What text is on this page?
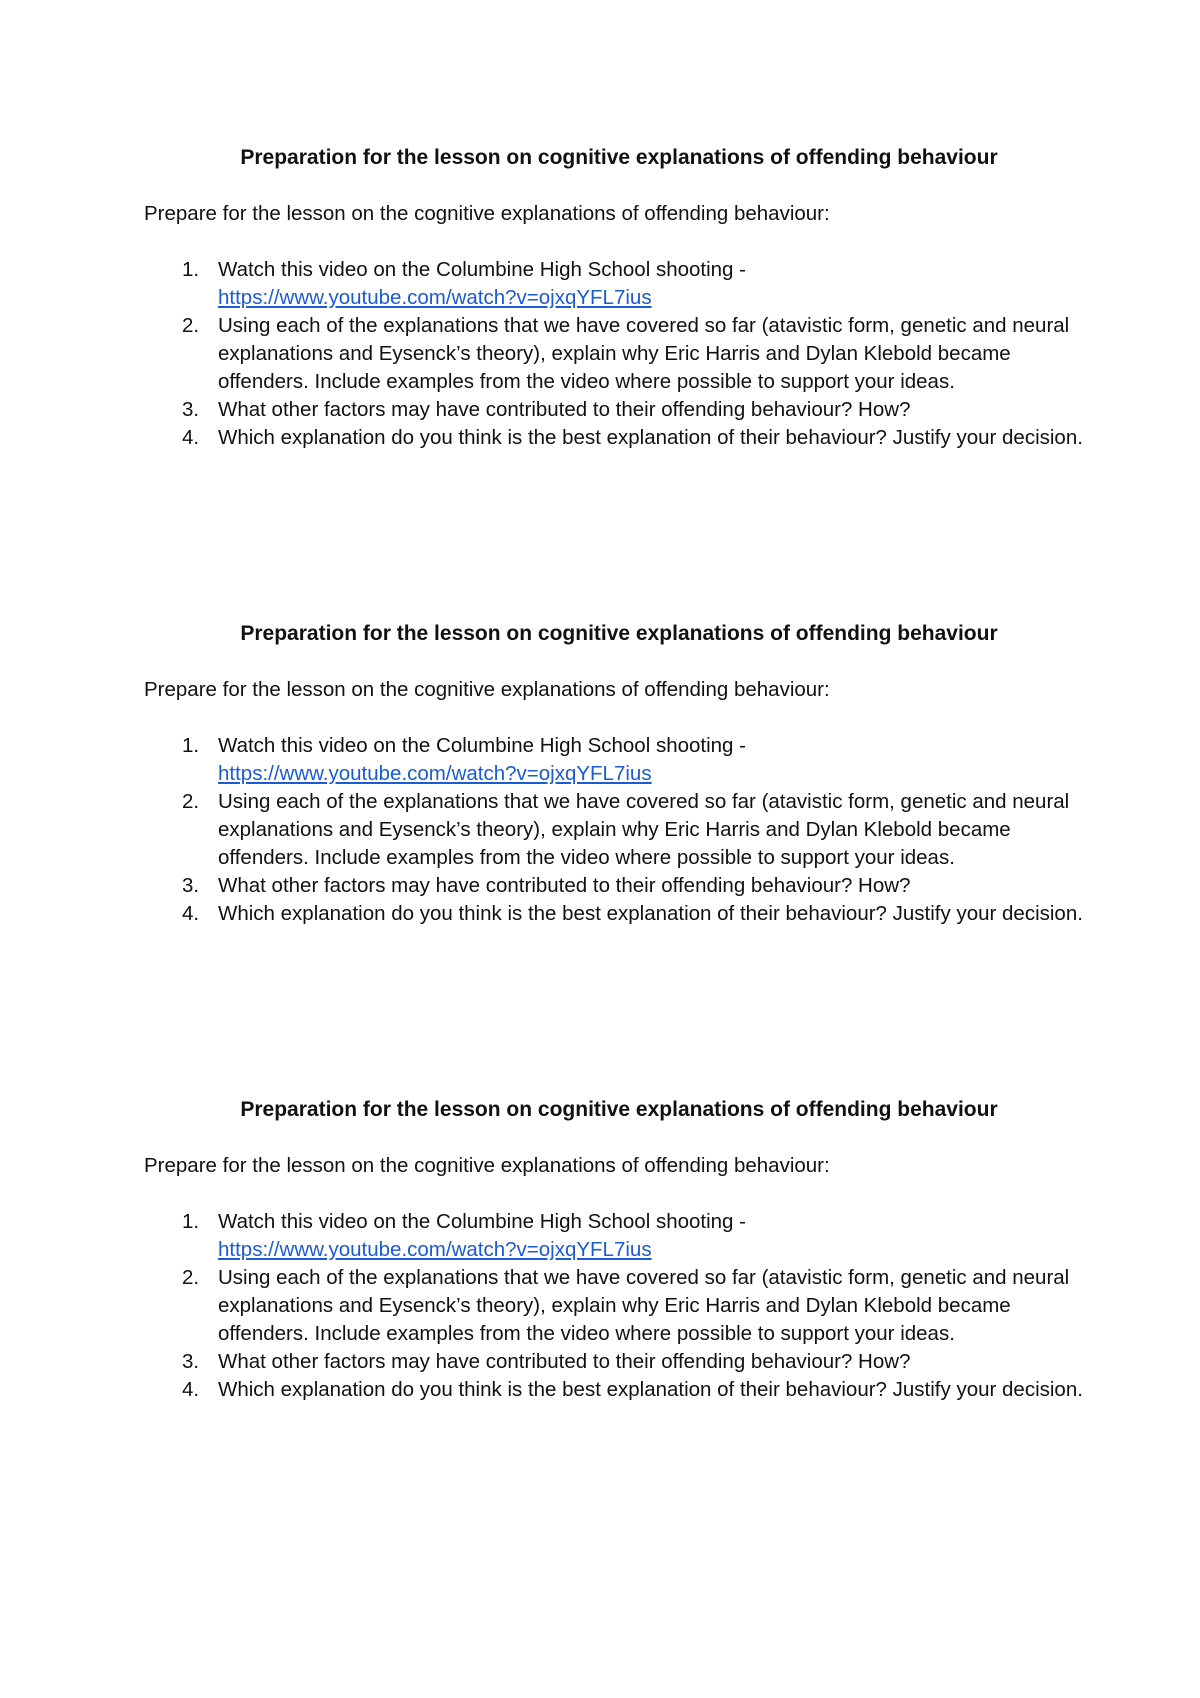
Preparation for the lesson on cognitive explanations of offending behaviour

Prepare for the lesson on the cognitive explanations of offending behaviour:

1. Watch this video on the Columbine High School shooting -
https://www.youtube.com/watch?v=ojxqYFL7ius
2. Using each of the explanations that we have covered so far (atavistic form, genetic and neural explanations and Eysenck’s theory), explain why Eric Harris and Dylan Klebold became offenders. Include examples from the video where possible to support your ideas.
3. What other factors may have contributed to their offending behaviour? How?
4. Which explanation do you think is the best explanation of their behaviour? Justify your decision.
Preparation for the lesson on cognitive explanations of offending behaviour

Prepare for the lesson on the cognitive explanations of offending behaviour:

1. Watch this video on the Columbine High School shooting -
https://www.youtube.com/watch?v=ojxqYFL7ius
2. Using each of the explanations that we have covered so far (atavistic form, genetic and neural explanations and Eysenck’s theory), explain why Eric Harris and Dylan Klebold became offenders. Include examples from the video where possible to support your ideas.
3. What other factors may have contributed to their offending behaviour? How?
4. Which explanation do you think is the best explanation of their behaviour? Justify your decision.
Preparation for the lesson on cognitive explanations of offending behaviour

Prepare for the lesson on the cognitive explanations of offending behaviour:

1. Watch this video on the Columbine High School shooting -
https://www.youtube.com/watch?v=ojxqYFL7ius
2. Using each of the explanations that we have covered so far (atavistic form, genetic and neural explanations and Eysenck’s theory), explain why Eric Harris and Dylan Klebold became offenders. Include examples from the video where possible to support your ideas.
3. What other factors may have contributed to their offending behaviour? How?
4. Which explanation do you think is the best explanation of their behaviour? Justify your decision.
